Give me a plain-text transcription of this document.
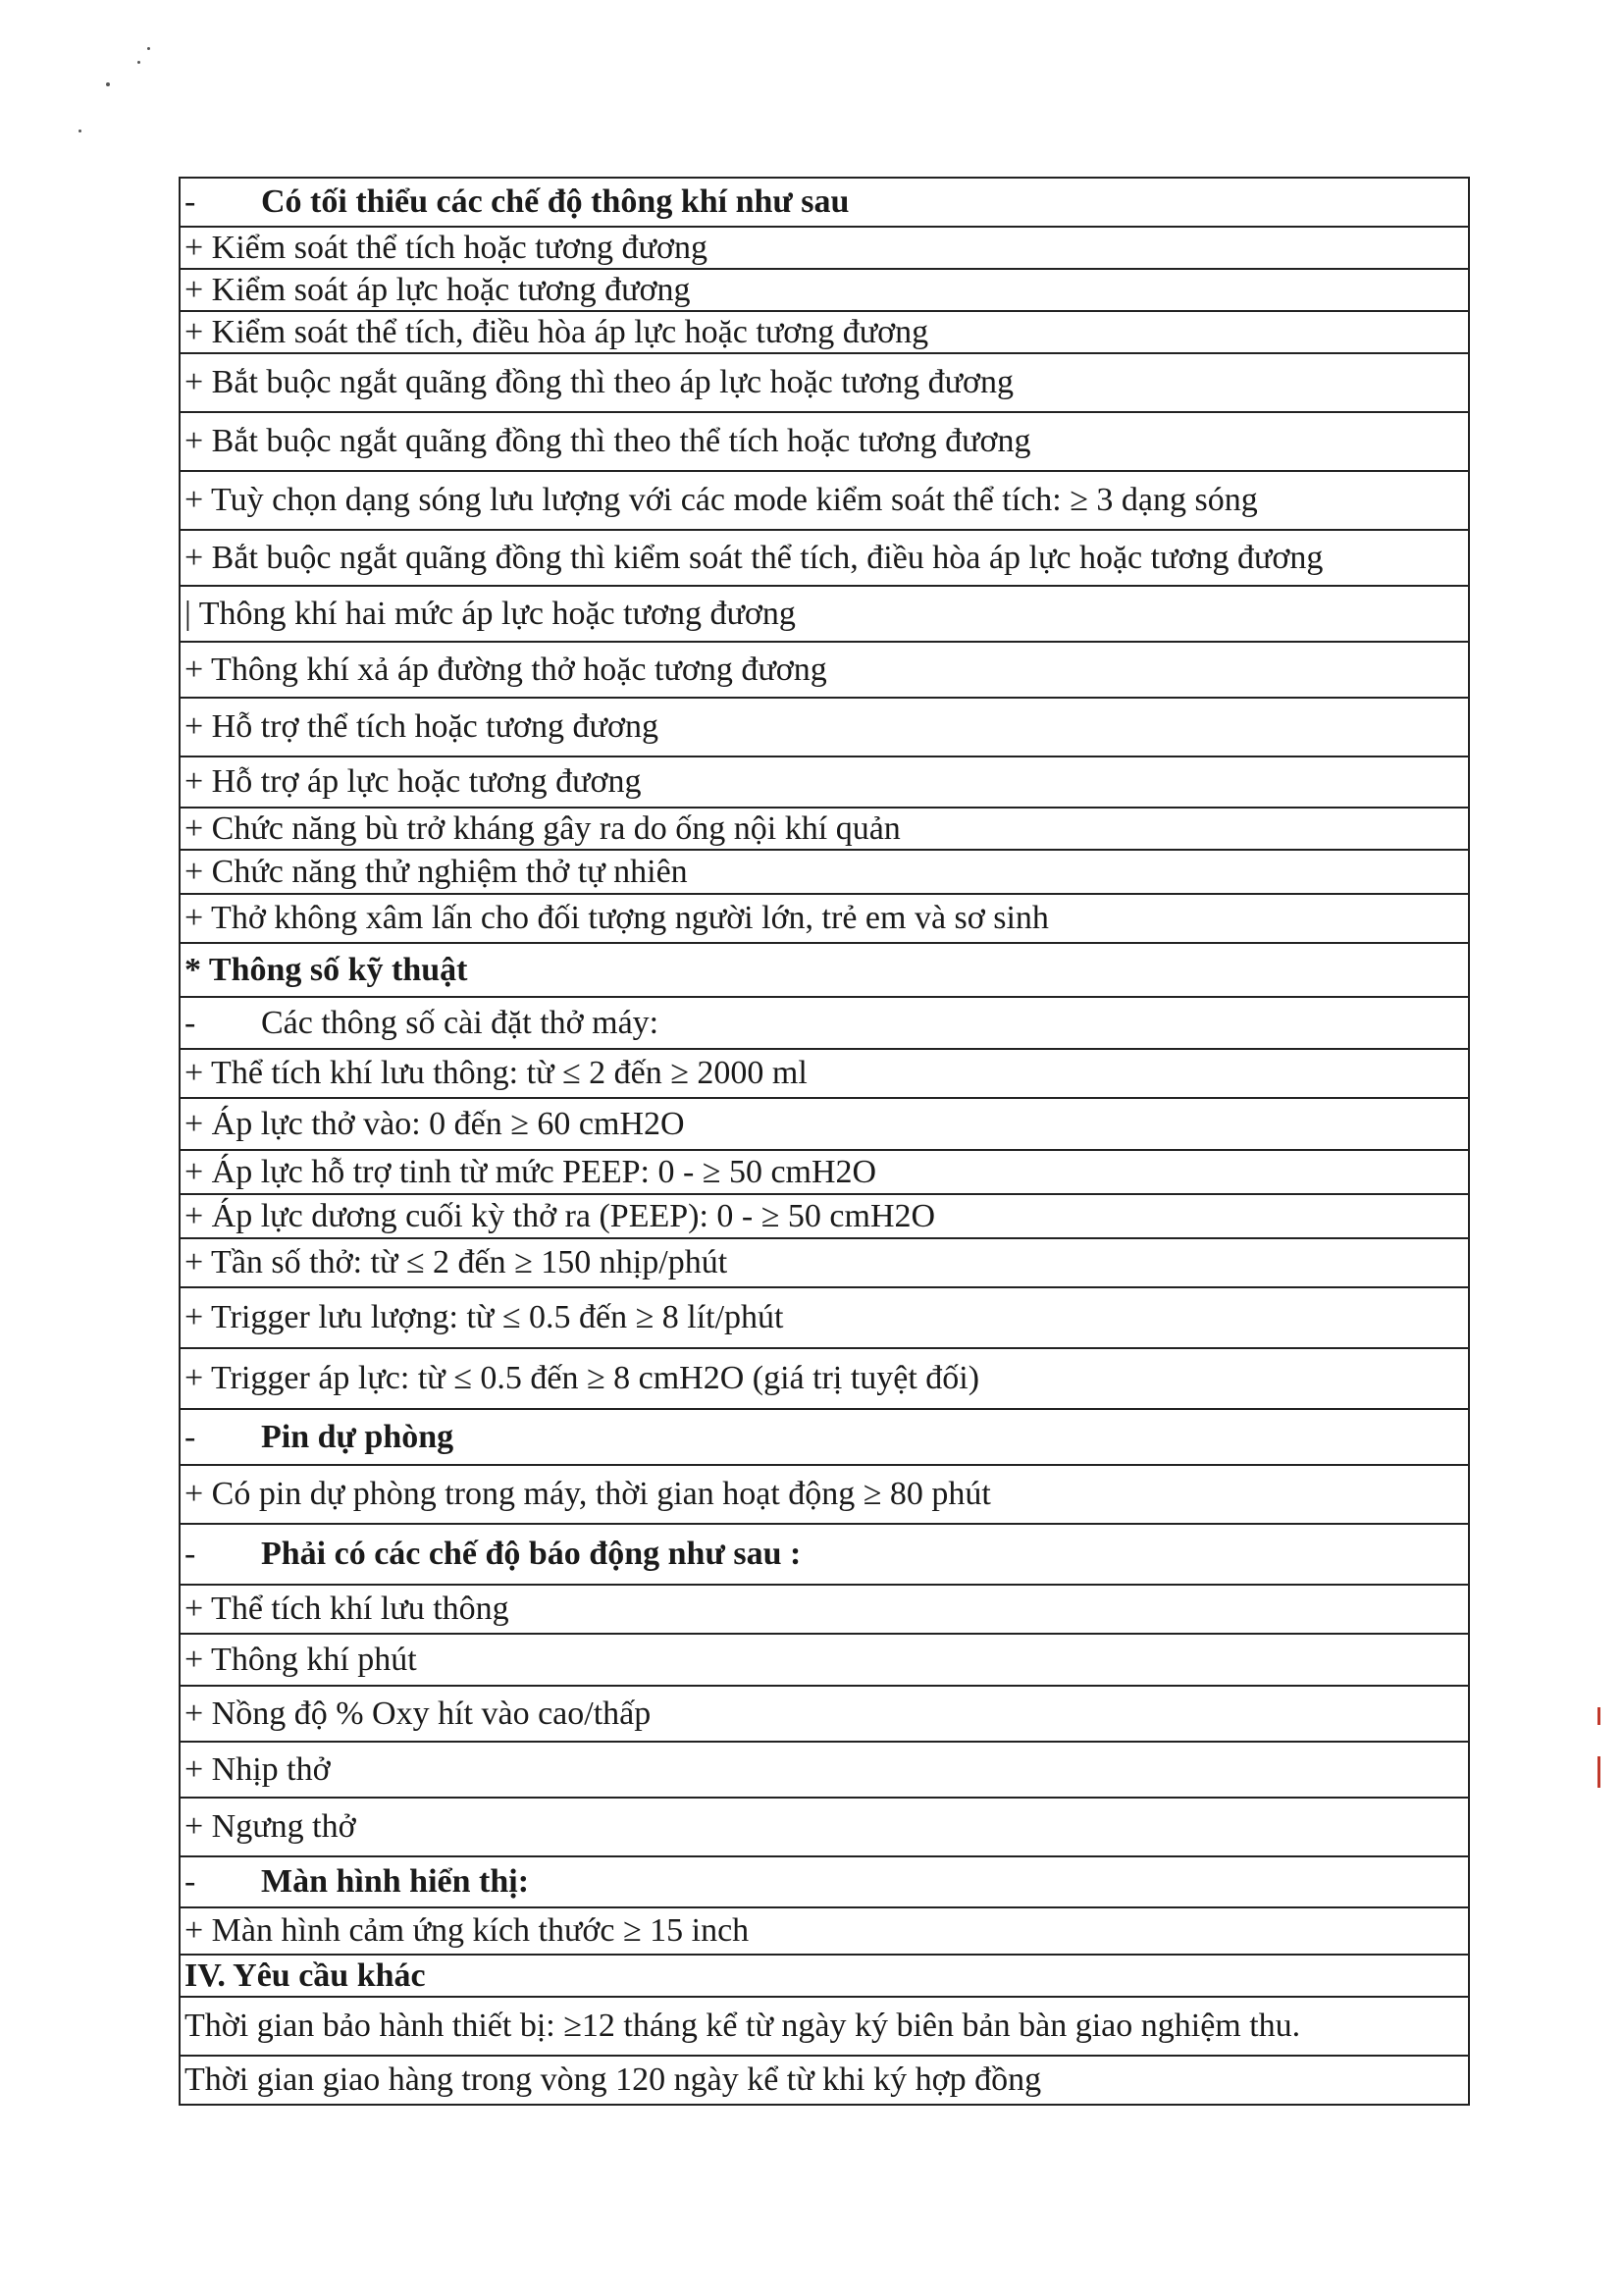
- Có tối thiểu các chế độ thông khí như sau
+ Kiểm soát thể tích hoặc tương đương
+ Kiểm soát áp lực hoặc tương đương
+ Kiểm soát thể tích, điều hòa áp lực hoặc tương đương
+ Bắt buộc ngắt quãng đồng thì theo áp lực hoặc tương đương
+ Bắt buộc ngắt quãng đồng thì theo thể tích hoặc tương đương
+ Tuỳ chọn dạng sóng lưu lượng với các mode kiểm soát thể tích: ≥ 3 dạng sóng
+ Bắt buộc ngắt quãng đồng thì kiểm soát thể tích, điều hòa áp lực hoặc tương đương
| Thông khí hai mức áp lực hoặc tương đương
+ Thông khí xả áp đường thở hoặc tương đương
+ Hỗ trợ thể tích hoặc tương đương
+ Hỗ trợ áp lực hoặc tương đương
+ Chức năng bù trở kháng gây ra do ống nội khí quản
+ Chức năng thử nghiệm thở tự nhiên
+ Thở không xâm lấn cho đối tượng người lớn, trẻ em và sơ sinh
* Thông số kỹ thuật
- Các thông số cài đặt thở máy:
+ Thể tích khí lưu thông: từ ≤ 2 đến ≥ 2000 ml
+ Áp lực thở vào: 0 đến ≥ 60 cmH2O
+ Áp lực hỗ trợ tinh từ mức PEEP: 0 - ≥ 50 cmH2O
+ Áp lực dương cuối kỳ thở ra (PEEP): 0 - ≥ 50 cmH2O
+ Tần số thở: từ ≤ 2 đến ≥ 150 nhịp/phút
+ Trigger lưu lượng: từ ≤ 0.5 đến ≥ 8 lít/phút
+ Trigger áp lực: từ ≤ 0.5 đến ≥ 8 cmH2O (giá trị tuyệt đối)
- Pin dự phòng
+ Có pin dự phòng trong máy, thời gian hoạt động ≥ 80 phút
- Phải có các chế độ báo động như sau :
+ Thể tích khí lưu thông
+ Thông khí phút
+ Nồng độ % Oxy hít vào cao/thấp
+ Nhịp thở
+ Ngưng thở
- Màn hình hiển thị:
+ Màn hình cảm ứng kích thước ≥ 15 inch
IV. Yêu cầu khác
Thời gian bảo hành thiết bị: ≥12 tháng kể từ ngày ký biên bản bàn giao nghiệm thu.
Thời gian giao hàng trong vòng 120 ngày kể từ khi ký hợp đồng
